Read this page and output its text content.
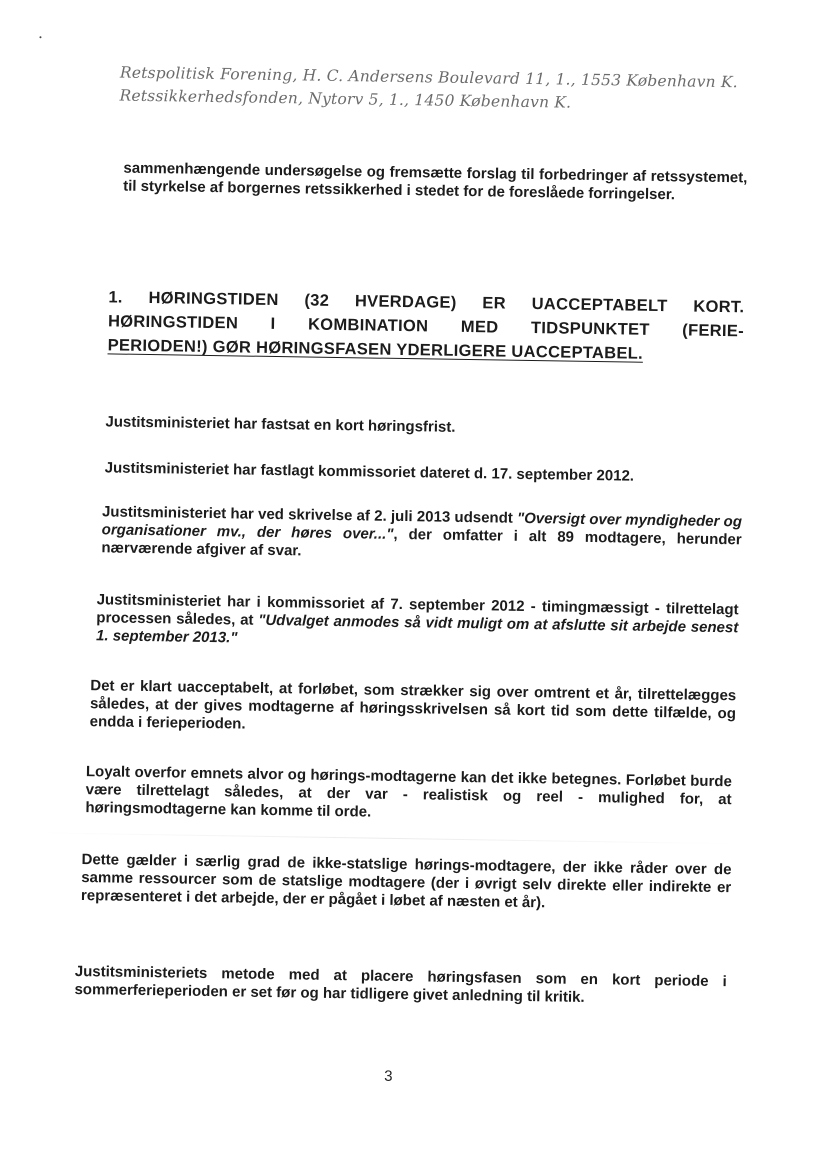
Retspolitisk Forening, H. C. Andersens Boulevard 11, 1., 1553 København K.
Retssikkerhedsfonden, Nytorv 5, 1., 1450 København K.
sammenhængende undersøgelse og fremsætte forslag til forbedringer af retssystemet, til styrkelse af borgernes retssikkerhed i stedet for de foreslåede forringelser.
1. HØRINGSTIDEN (32 HVERDAGE) ER UACCEPTABELT KORT.
HØRINGSTIDEN I KOMBINATION MED TIDSPUNKTET (FERIE-
PERIODEN!) GØR HØRINGSFASEN YDERLIGERE UACCEPTABEL.
Justitsministeriet har fastsat en kort høringsfrist.
Justitsministeriet har fastlagt kommissoriet dateret d. 17. september 2012.
Justitsministeriet har ved skrivelse af 2. juli 2013 udsendt "Oversigt over myndigheder og organisationer mv., der høres over...", der omfatter i alt 89 modtagere, herunder nærværende afgiver af svar.
Justitsministeriet har i kommissoriet af 7. september 2012 - timingmæssigt - tilrettelagt processen således, at "Udvalget anmodes så vidt muligt om at afslutte sit arbejde senest 1. september 2013."
Det er klart uacceptabelt, at forløbet, som strækker sig over omtrent et år, tilrettelægges således, at der gives modtagerne af høringsskrivelsen så kort tid som dette tilfælde, og endda i ferieperioden.
Loyalt overfor emnets alvor og hørings-modtagerne kan det ikke betegnes. Forløbet burde være tilrettelagt således, at der var - realistisk og reel - mulighed for, at høringsmodtagerne kan komme til orde.
Dette gælder i særlig grad de ikke-statslige hørings-modtagere, der ikke råder over de samme ressourcer som de statslige modtagere (der i øvrigt selv direkte eller indirekte er repræsenteret i det arbejde, der er pågået i løbet af næsten et år).
Justitsministeriets metode med at placere høringsfasen som en kort periode i sommerferieperioden er set før og har tidligere givet anledning til kritik.
3
